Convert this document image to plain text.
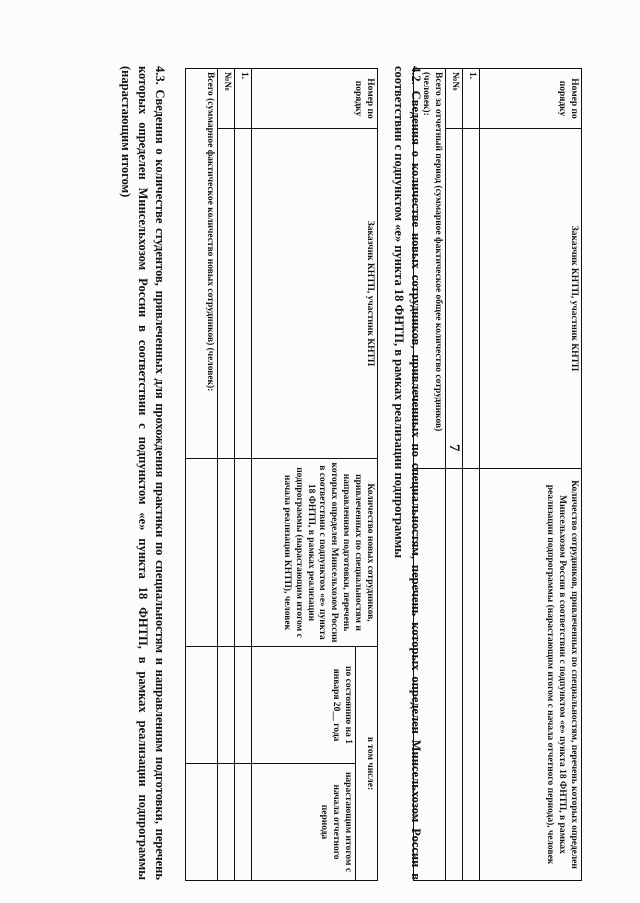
7
Номер по порядку	Заказчик КНТП, участник КНТП	Количество сотрудников, привлеченных по специальностям, перечень которых определен Минсельхозом России в соответствии с подпунктом «е» пункта 18 ФНТП, в рамках реализации подпрограммы (нарастающим итогом с начала отчетного периода), человек
1.		
№№		
Всего за отчетный период (суммарное фактическое общее количество сотрудников) (человек):		
4.2. Сведения о количестве новых сотрудников, привлеченных по специальностям, перечень которых определен Минсельхозом России в соответствии с подпунктом «е» пункта 18 ФНТП, в рамках реализации подпрограммы
Номер по порядку	Заказчик КНТП, участник КНТП	Количество новых сотрудников, привлеченных по специальностям и направлениям подготовки, перечень которых определен Минсельхозом России в соответствии с подпунктом «е» пункта 18 ФНТП, в рамках реализации подпрограммы (нарастающим итогом с начала реализации КНТП), человек	в том числе:	
			по состоянию на 1 января 20__ года	нарастающим итогом с начала отчетного периода
1.				
№№				
Всего (суммарное фактическое количество новых сотрудников) (человек):				
4.3. Сведения о количестве студентов, привлеченных для прохождения практики по специальностям и направлениям подготовки, перечень которых определен Минсельхозом России в соответствии с подпунктом «е» пункта 18 ФНТП, в рамках реализации подпрограммы (нарастающим итогом)
